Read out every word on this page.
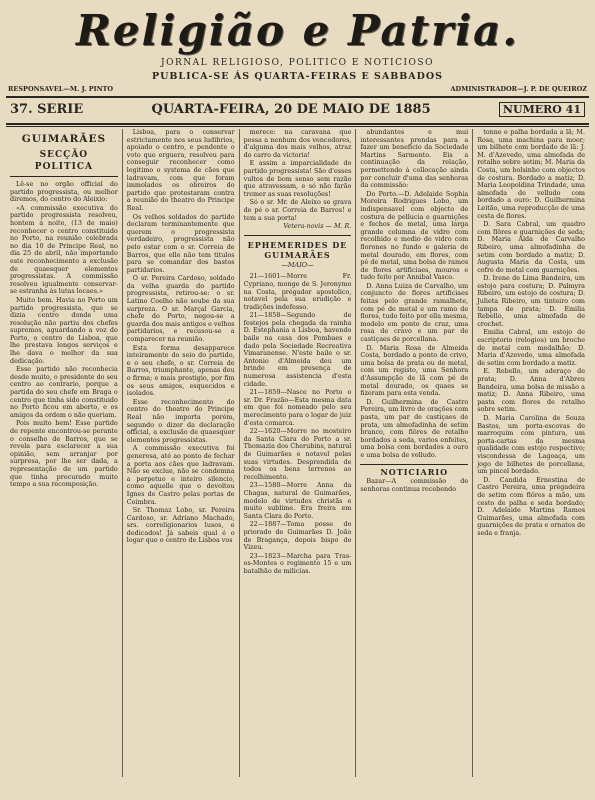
Religião e Patria.
JORNAL RELIGIOSO, POLITICO E NOTICIOSO
PUBLICA-SE ÁS QUARTA-FEIRAS E SABBADOS
RESPONSAVEL—M. J. PINTO	ADMINISTRADOR—J. P. DE QUEIROZ
37. SERIE	QUARTA-FEIRA, 20 DE MAIO DE 1885	NUMERO 41
GUIMARÃES
SECÇÃO POLITICA

Lê-se no orgão official do partido progressista, ou melhor diremos, do centro do Aleixio:

«A commissão executiva do partido progressista resolveu, hontem á noite, (13 de maio) reconhecer o centro constituido no Porto, na reunião celebrada no dia 10 de Principe Real, no dia 25 de abril, não importando este reconhecimento a exclusão de quaesquer elementos progressistas. A commissão resolveu igualmente conservar-se estranha ás lutas locaes.»

Muito bem. Havia no Porto um partido progressista, que se dizia centro donde uma resolução não partiu dos chefes supremos, aguardando a voz do Porto, o centro de Lisboa, que lhe prestava longos serviços e lhe dava o melhor da sua dedicação.

Esse partido não reconhecia desde muito, o presidente do seu centro ao contrario, porque a partida do seu chefe em Braga o centro que tinha sido constituido no Porto ficou em aberto, e os amigos da ordem o não queriam.

Pois muito bem! Esse partido de repente encontrou-se perante o conselho de Barros, que se revela para esclarecer a sua opinião, sem arranjar por surpresa, por lhe ser dada, a representação de um partido que tinha procurado muito tempo a sua recomposição.

Lisboa, para o conservar estrictamente nos seus ludibrios, apoiado o centro, e pendente o voto que erguera, resolveu para conseguir reconhecer como legitimo o systema de cães que ladravam, com que foram immolados os obreiros do partido que protestaram contra a reunião do theatro do Principe Real.

Os velhos soldados do partido declaram terminantemente que querem o progressista verdadeiro, progressista não pelo estar com o sr. Correia de Barros, que elle não tem titulos para se comandar dos bastos partidarios.

O sr. Pereira Cardoso, soldado da velha guarda do partido progressista, retirou-se: o sr. Latino Coelho não soube da sua surpreza. O sr. Marçal Garcia, chefe do Porto, negou-se a guarda dos mais antigos e velhos partidarios, e recusou-se a comparecer na reunião.

Esta forma desapparece inteiramente do seio do partido, e o seu chefe, o sr. Correia de Barros, triumphante, apenas deu o firma; e mais prestigio, por fim os seus amigos, esquecidos e isolados.

Esse reconhecimento do centro do theatro do Principe Real não importa porém, segundo o dizer da declaração official, a exclusão de quaesquer elementos progressistas.

A commissão executiva foi generosa, até ao ponto de fechar a porta aos cães que ladravam. Não se exclue, não se condemna a perpetuo e inteiro silencio, como aquelle que o devoltou Ignes de Castro pelas portas de Coimbra.

Sr. Thomaz Lobo, sr. Pereira Cardoso, sr. Adriano Machado, srs. correligionarios lusos, e dedicados! Já sabeis qual é o logar que o centro de Lisboa vos

merece: na caravana que possa a nenhum dos vencedores, d'alguma dos mais velhos, atraz do carro da victoria!

E assim a imparcialidade do partido progressista! São d'esses vultos de bom senso sem razão que atravessam, e só não farão tremer as suas resoluções!

Só o sr. Mr. de Aleixo se grava de pé o sr. Correia de Barros! e tem a sua porta!

Vetera-novis — M. R.

EPHEMERIDES DE GUIMARÃES
—MAIO—

21—1601—Morre Fr. Cypriano, monge de S. Jeronymo na Costa, prégador apostolico, notavel pela sua erudição e tradições indefesso.

21—1858—Segundo de festejos pela chegada da rainha D. Estephania a Lisboa, havendo baile na casa dos Pombaes e dado pela Sociedade Recreativa Vimaranense. N'este baile o sr. Antonio d'Almeida deu um brinde em presença de numerosa assistencia d'esta cidade.

21—1859—Nasce no Porto o sr. Dr. Frazão—Esta mesma data em que foi nomeado pelo seu merecimento para o logar de juiz d'esta comarca.

22—1620—Morre no mosteiro da Santa Clara do Porto a sr. Thomazia dos Cherubins, natural de Guimarães e notavel pelas suas virtudes. Desprendida de todos os bens terrenos ao recolhimento.

23—1580—Morre Anna da Chagas, natural de Guimarães, modelo de virtudes christãs e muito sublime. Era freira em Santa Clara do Porto.

22—1887—Toma posse do priorado de Guimarães D. João de Bragança, depois bispo de Vizeu.

23—1823—Marcha para Tras-os-Montes o regimento 15 e um batalhão de milicias.

abundantes e mui interessantes prendas para a fazer um beneficio da Sociedade Martins Sarmento. Eis a continuação da relação, permettendo á collocação ainda por concluir d'uma das senhoras da commissão:

Do Porto.—D. Adelaide Sophia Moreira Rodrigues Lobo, um indispensavel com objecto de costura de pellucia e guarnições e fechos de metal, uma larga grande columna de vidro com recolhido e medio de vidro com florones no fundo e galeria de metal dourado, em flores, com pé de metal, uma bolsa de ramos de flores artificiaes, mouros e tudo feito por Annibal Vasco.

D. Anna Luiza de Carvalho, um conjuncto de flores artificiaes feitas pelo grande ramalhete, com pé de metal e um ramo de flores, tudo feito por ella mesma, modelo em ponto de cruz, uma rosa de cravo e um par de castiçaes de porcellana.

D. Maria Rosa de Almeida Costa, bordado a ponto de crivo, uma bolsa de prata ou de metal, com um registo, uma Senhora d'Assumpção de lã com pé de metal dourado, os quaes se fizeram para esta venda.

D. Guilhermina de Castro Pereira, um livro de orações com pasta, um par de castiçaes de prata, um almofadinha de setim branco, com flôres de retalho bordados a seda, varios enfeites, uma bolsa com bordados a ouro e uma bolsa de velludo.

NOTICIARIO

Bazar—A commissão de senhoras continua recebendo

tonne e palha bordada a lã; M. Rosa, uma machina para moer; um bilhete com bordado de lã: J. M. d'Azevedo, uma almofada de retalho sobre setim; M. Maria da Costa, um bolsinho com objectos de costura. Bordado a matiz; D. Maria Leopoldina Trindade, uma almofada de velludo com bordado a ouro: D. Guilhermina Leitão, uma reproducção de uma cesta de flores.

D. Sara Cabral, um quadro com flôres e guarnições de seda; D. Maria Alda de Carvalho Ribeiro, uma almofadinha de setim com bordado a matiz; D. Augusta Maria da Costa, um cofre de metal com guarnições.

D. Irene de Lima Bandeira, um estojo para costura; D. Palmyra Ribeiro, um estojo de costura; D. Julieta Ribeiro, um tinteiro com tampa de prata; D. Emilia Rebello, uma almofada de crochet.

Emilia Cabral, um estojo de escriptorio (relogios) um broche de metal com medalhão; D. Maria d'Azevedo, uma almofada de setim com bordado a matiz.

E. Rebello, um aderaço de prata; D. Anna d'Abreu Bandeira, uma bolsa de missão a matiz; D. Anna Ribeiro, uma pasta com flores de retalho sobre setim.

D. Maria Carolina de Souza Bastos, um porta-escovas de marroquim com pintura, um porta-cartas da mesma qualidade com estojo respectivo; viscondessa de Lagoaça, um jogo de bilhetes de porcellana, um pincel bordado.

D. Candida Ernestina de Castro Pereira, uma prégadeira de setim com flôres a mão, um cesto de palha e seda bordado; D. Adelaide Martins Ramos Guimarães, uma almofada com guarnições de prata e ornatos de seda e franja.
